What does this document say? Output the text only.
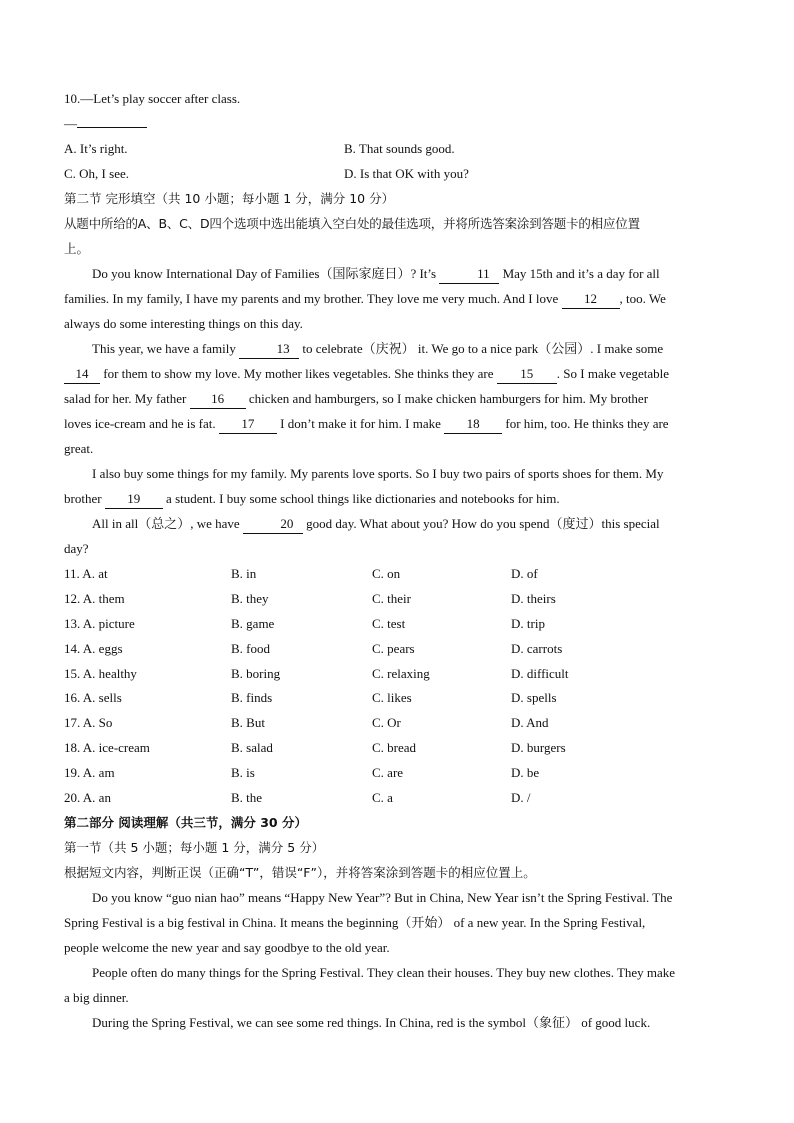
10.—Let’s play soccer after class.
—
A. It’s right.	B. That sounds good.
C. Oh, I see.	D. Is that OK with you?
第二节 完形填空（共 10 小题；每小题 1 分，满分 10 分）
从题中所给的A、B、C、D四个选项中选出能填入空白处的最佳选项，并将所选答案涂到答题卡的相应位置
上。
Do you know International Day of Families（国际家庭日）? It’s	11 May 15th and it’s a day for all
families. In my family, I have my parents and my brother. They love me very much. And I love 12 , too. We
always do some interesting things on this day.
This year, we have a family	13 to celebrate（庆祝） it. We go to a nice park（公园）. I make some
14 for them to show my love. My mother likes vegetables. She thinks they are 15 . So I make vegetable
salad for her. My father 16 chicken and hamburgers, so I make chicken hamburgers for him. My brother
loves ice-cream and he is fat. 17 I don’t make it for him. I make 18 for him, too. He thinks they are
great.
I also buy some things for my family. My parents love sports. So I buy two pairs of sports shoes for them. My
brother 19 a student. I buy some school things like dictionaries and notebooks for him.
All in all（总之）, we have	20 good day. What about you? How do you spend（度过）this special
day?
11. A. at	B. in	C. on	D. of
12. A. them	B. they	C. their	D. theirs
13. A. picture	B. game	C. test	D. trip
14. A. eggs	B. food	C. pears	D. carrots
15. A. healthy	B. boring	C. relaxing	D. difficult
16. A. sells	B. finds	C. likes	D. spells
17. A. So	B. But	C. Or	D. And
18. A. ice-cream	B. salad	C. bread	D. burgers
19. A. am	B. is	C. are	D. be
20. A. an	B. the	C. a	D. /
第二部分 阅读理解（共三节，满分 30 分）
第一节（共 5 小题；每小题 1 分，满分 5 分）
根据短文内容，判断正误（正确“T”，错误“F”），并将答案涂到答题卡的相应位置上。
Do you know “guo nian hao” means “Happy New Year”? But in China, New Year isn’t the Spring Festival. The
Spring Festival is a big festival in China. It means the beginning（开始） of a new year. In the Spring Festival,
people welcome the new year and say goodbye to the old year.
People often do many things for the Spring Festival. They clean their houses. They buy new clothes. They make
a big dinner.
During the Spring Festival, we can see some red things. In China, red is the symbol（象征） of good luck.
